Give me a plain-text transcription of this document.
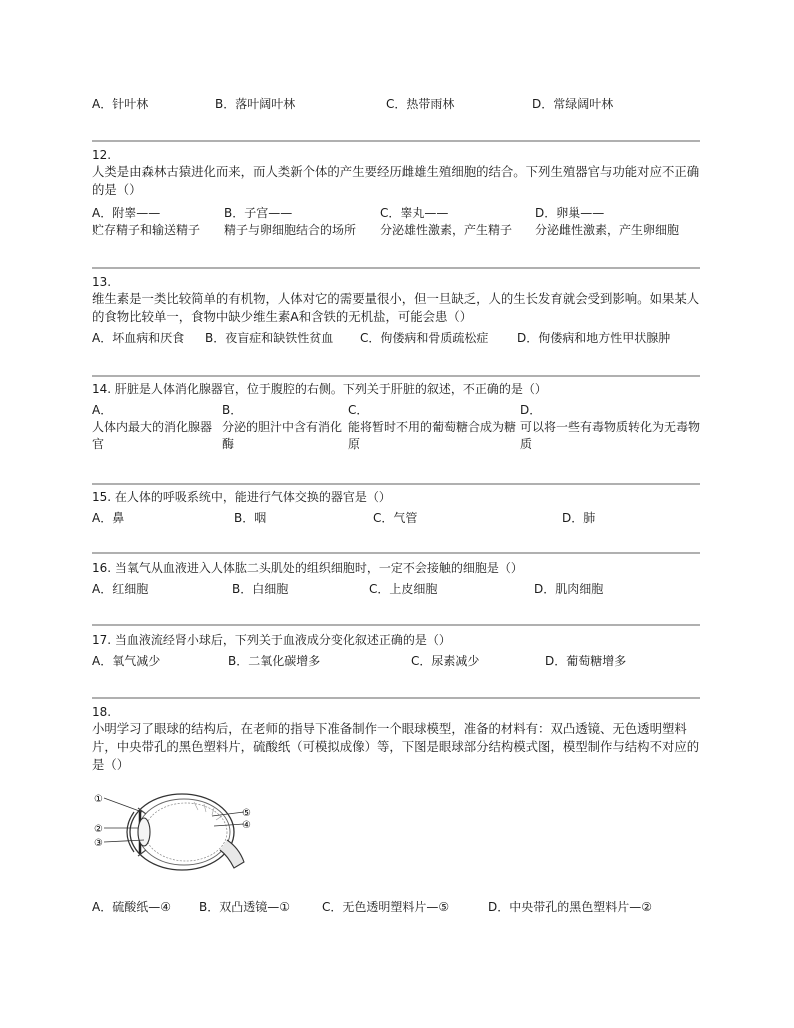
A．针叶林	B．落叶阔叶林	C．热带雨林	D．常绿阔叶林
12.
人类是由森林古猿进化而来，而人类新个体的产生要经历雌雄生殖细胞的结合。下列生殖器官与功能对应不正确的是（）
A．附睾——
贮存精子和输送精子
B．子宫——
精子与卵细胞结合的场所
C．睾丸——
分泌雄性激素，产生精子
D．卵巢——
分泌雌性激素，产生卵细胞
13.
维生素是一类比较简单的有机物，人体对它的需要量很小，但一旦缺乏，人的生长发育就会受到影响。如果某人的食物比较单一，食物中缺少维生素A和含铁的无机盐，可能会患（）
A．坏血病和厌食 B．夜盲症和缺铁性贫血 C．佝偻病和骨质疏松症 D．佝偻病和地方性甲状腺肿
14. 肝脏是人体消化腺器官，位于腹腔的右侧。下列关于肝脏的叙述，不正确的是（）
A．
人体内最大的消化腺器官
B．
分泌的胆汁中含有消化酶
C．
能将暂时不用的葡萄糖合成为糖原
D．
可以将一些有毒物质转化为无毒物质
15. 在人体的呼吸系统中，能进行气体交换的器官是（）
A．鼻	B．咽	C．气管	D．肺
16. 当氧气从血液进入人体肱二头肌处的组织细胞时，一定不会接触的细胞是（）
A．红细胞	B．白细胞	C．上皮细胞	D．肌肉细胞
17. 当血液流经肾小球后，下列关于血液成分变化叙述正确的是（）
A．氧气减少	B．二氧化碳增多	C．尿素减少	D．葡萄糖增多
18.
小明学习了眼球的结构后，在老师的指导下准备制作一个眼球模型，准备的材料有：双凸透镜、无色透明塑料片，中央带孔的黑色塑料片，硫酸纸（可模拟成像）等，下图是眼球部分结构模式图，模型制作与结构不对应的是（）
①
②
③
④
⑤
A．硫酸纸—④ B．双凸透镜—①	C．无色透明塑料片—⑤	D．中央带孔的黑色塑料片—②
